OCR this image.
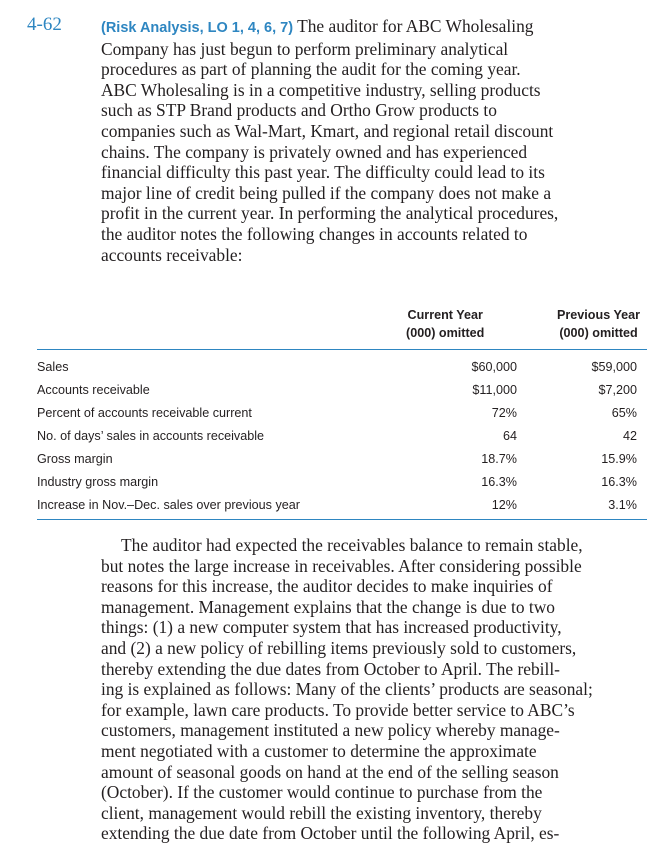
4-62	(Risk Analysis, LO 1, 4, 6, 7) The auditor for ABC Wholesaling
Company has just begun to perform preliminary analytical
procedures as part of planning the audit for the coming year.
ABC Wholesaling is in a competitive industry, selling products
such as STP Brand products and Ortho Grow products to
companies such as Wal-Mart, Kmart, and regional retail discount
chains. The company is privately owned and has experienced
financial difficulty this past year. The difficulty could lead to its
major line of credit being pulled if the company does not make a
profit in the current year. In performing the analytical procedures,
the auditor notes the following changes in accounts related to
accounts receivable:
Current Year
(000) omitted
Previous Year
(000) omitted
Sales	$60,000	$59,000
Accounts receivable	$11,000	$7,200
Percent of accounts receivable current	72%	65%
No. of days’ sales in accounts receivable	64	42
Gross margin	18.7%	15.9%
Industry gross margin	16.3%	16.3%
Increase in Nov.–Dec. sales over previous year	12%	3.1%
The auditor had expected the receivables balance to remain stable,
but notes the large increase in receivables. After considering possible
reasons for this increase, the auditor decides to make inquiries of
management. Management explains that the change is due to two
things: (1) a new computer system that has increased productivity,
and (2) a new policy of rebilling items previously sold to customers,
thereby extending the due dates from October to April. The rebill-
ing is explained as follows: Many of the clients’ products are seasonal;
for example, lawn care products. To provide better service to ABC’s
customers, management instituted a new policy whereby manage-
ment negotiated with a customer to determine the approximate
amount of seasonal goods on hand at the end of the selling season
(October). If the customer would continue to purchase from the
client, management would rebill the existing inventory, thereby
extending the due date from October until the following April, es-
